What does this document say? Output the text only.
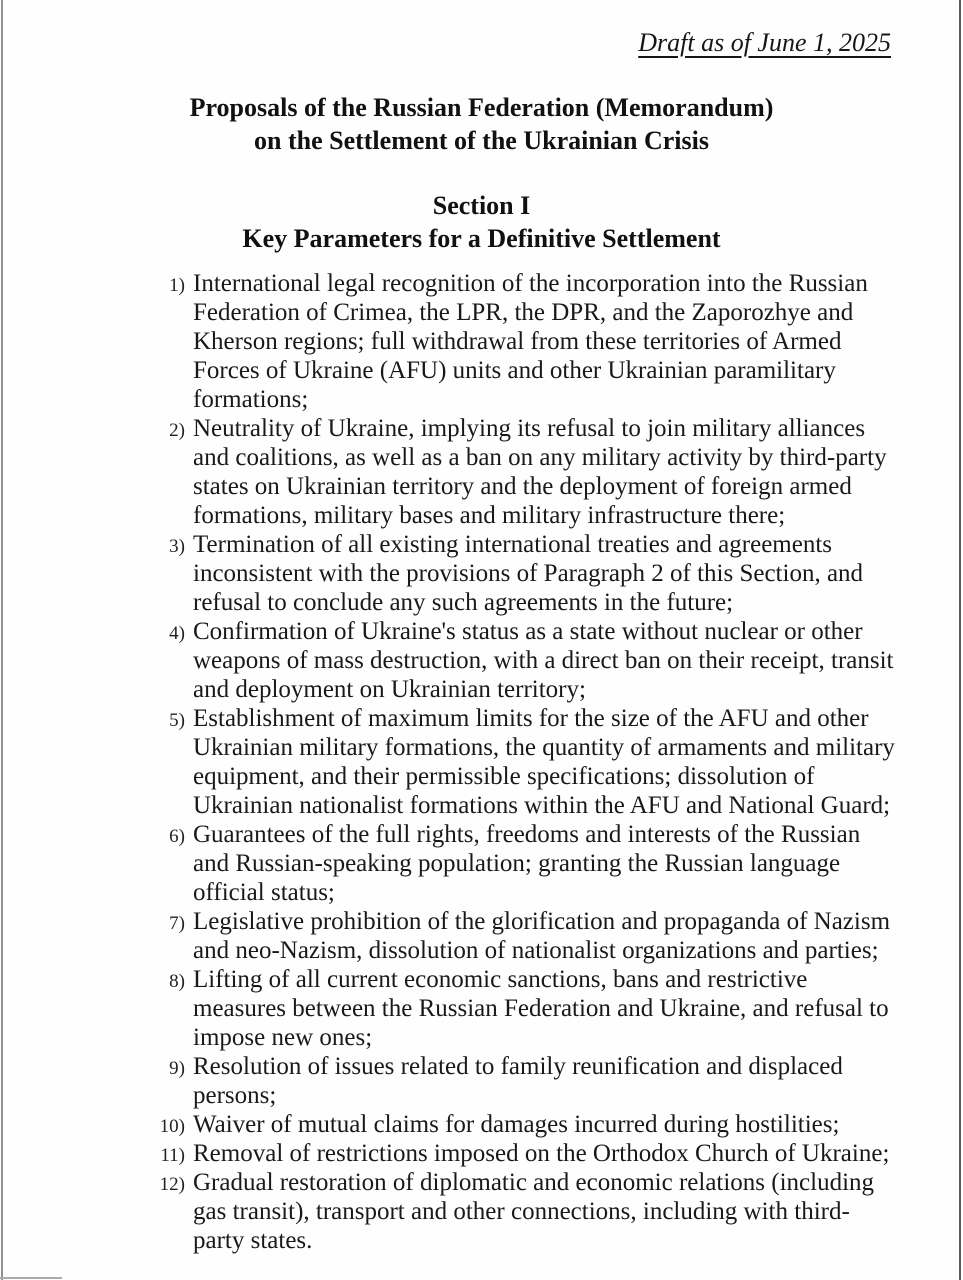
Draft as of June 1, 2025
Proposals of the Russian Federation (Memorandum)
on the Settlement of the Ukrainian Crisis
Section I
Key Parameters for a Definitive Settlement
1) International legal recognition of the incorporation into the Russian Federation of Crimea, the LPR, the DPR, and the Zaporozhye and Kherson regions; full withdrawal from these territories of Armed Forces of Ukraine (AFU) units and other Ukrainian paramilitary formations;
2) Neutrality of Ukraine, implying its refusal to join military alliances and coalitions, as well as a ban on any military activity by third-party states on Ukrainian territory and the deployment of foreign armed formations, military bases and military infrastructure there;
3) Termination of all existing international treaties and agreements inconsistent with the provisions of Paragraph 2 of this Section, and refusal to conclude any such agreements in the future;
4) Confirmation of Ukraine's status as a state without nuclear or other weapons of mass destruction, with a direct ban on their receipt, transit and deployment on Ukrainian territory;
5) Establishment of maximum limits for the size of the AFU and other Ukrainian military formations, the quantity of armaments and military equipment, and their permissible specifications; dissolution of Ukrainian nationalist formations within the AFU and National Guard;
6) Guarantees of the full rights, freedoms and interests of the Russian and Russian-speaking population; granting the Russian language official status;
7) Legislative prohibition of the glorification and propaganda of Nazism and neo-Nazism, dissolution of nationalist organizations and parties;
8) Lifting of all current economic sanctions, bans and restrictive measures between the Russian Federation and Ukraine, and refusal to impose new ones;
9) Resolution of issues related to family reunification and displaced persons;
10) Waiver of mutual claims for damages incurred during hostilities;
11) Removal of restrictions imposed on the Orthodox Church of Ukraine;
12) Gradual restoration of diplomatic and economic relations (including gas transit), transport and other connections, including with third-party states.
